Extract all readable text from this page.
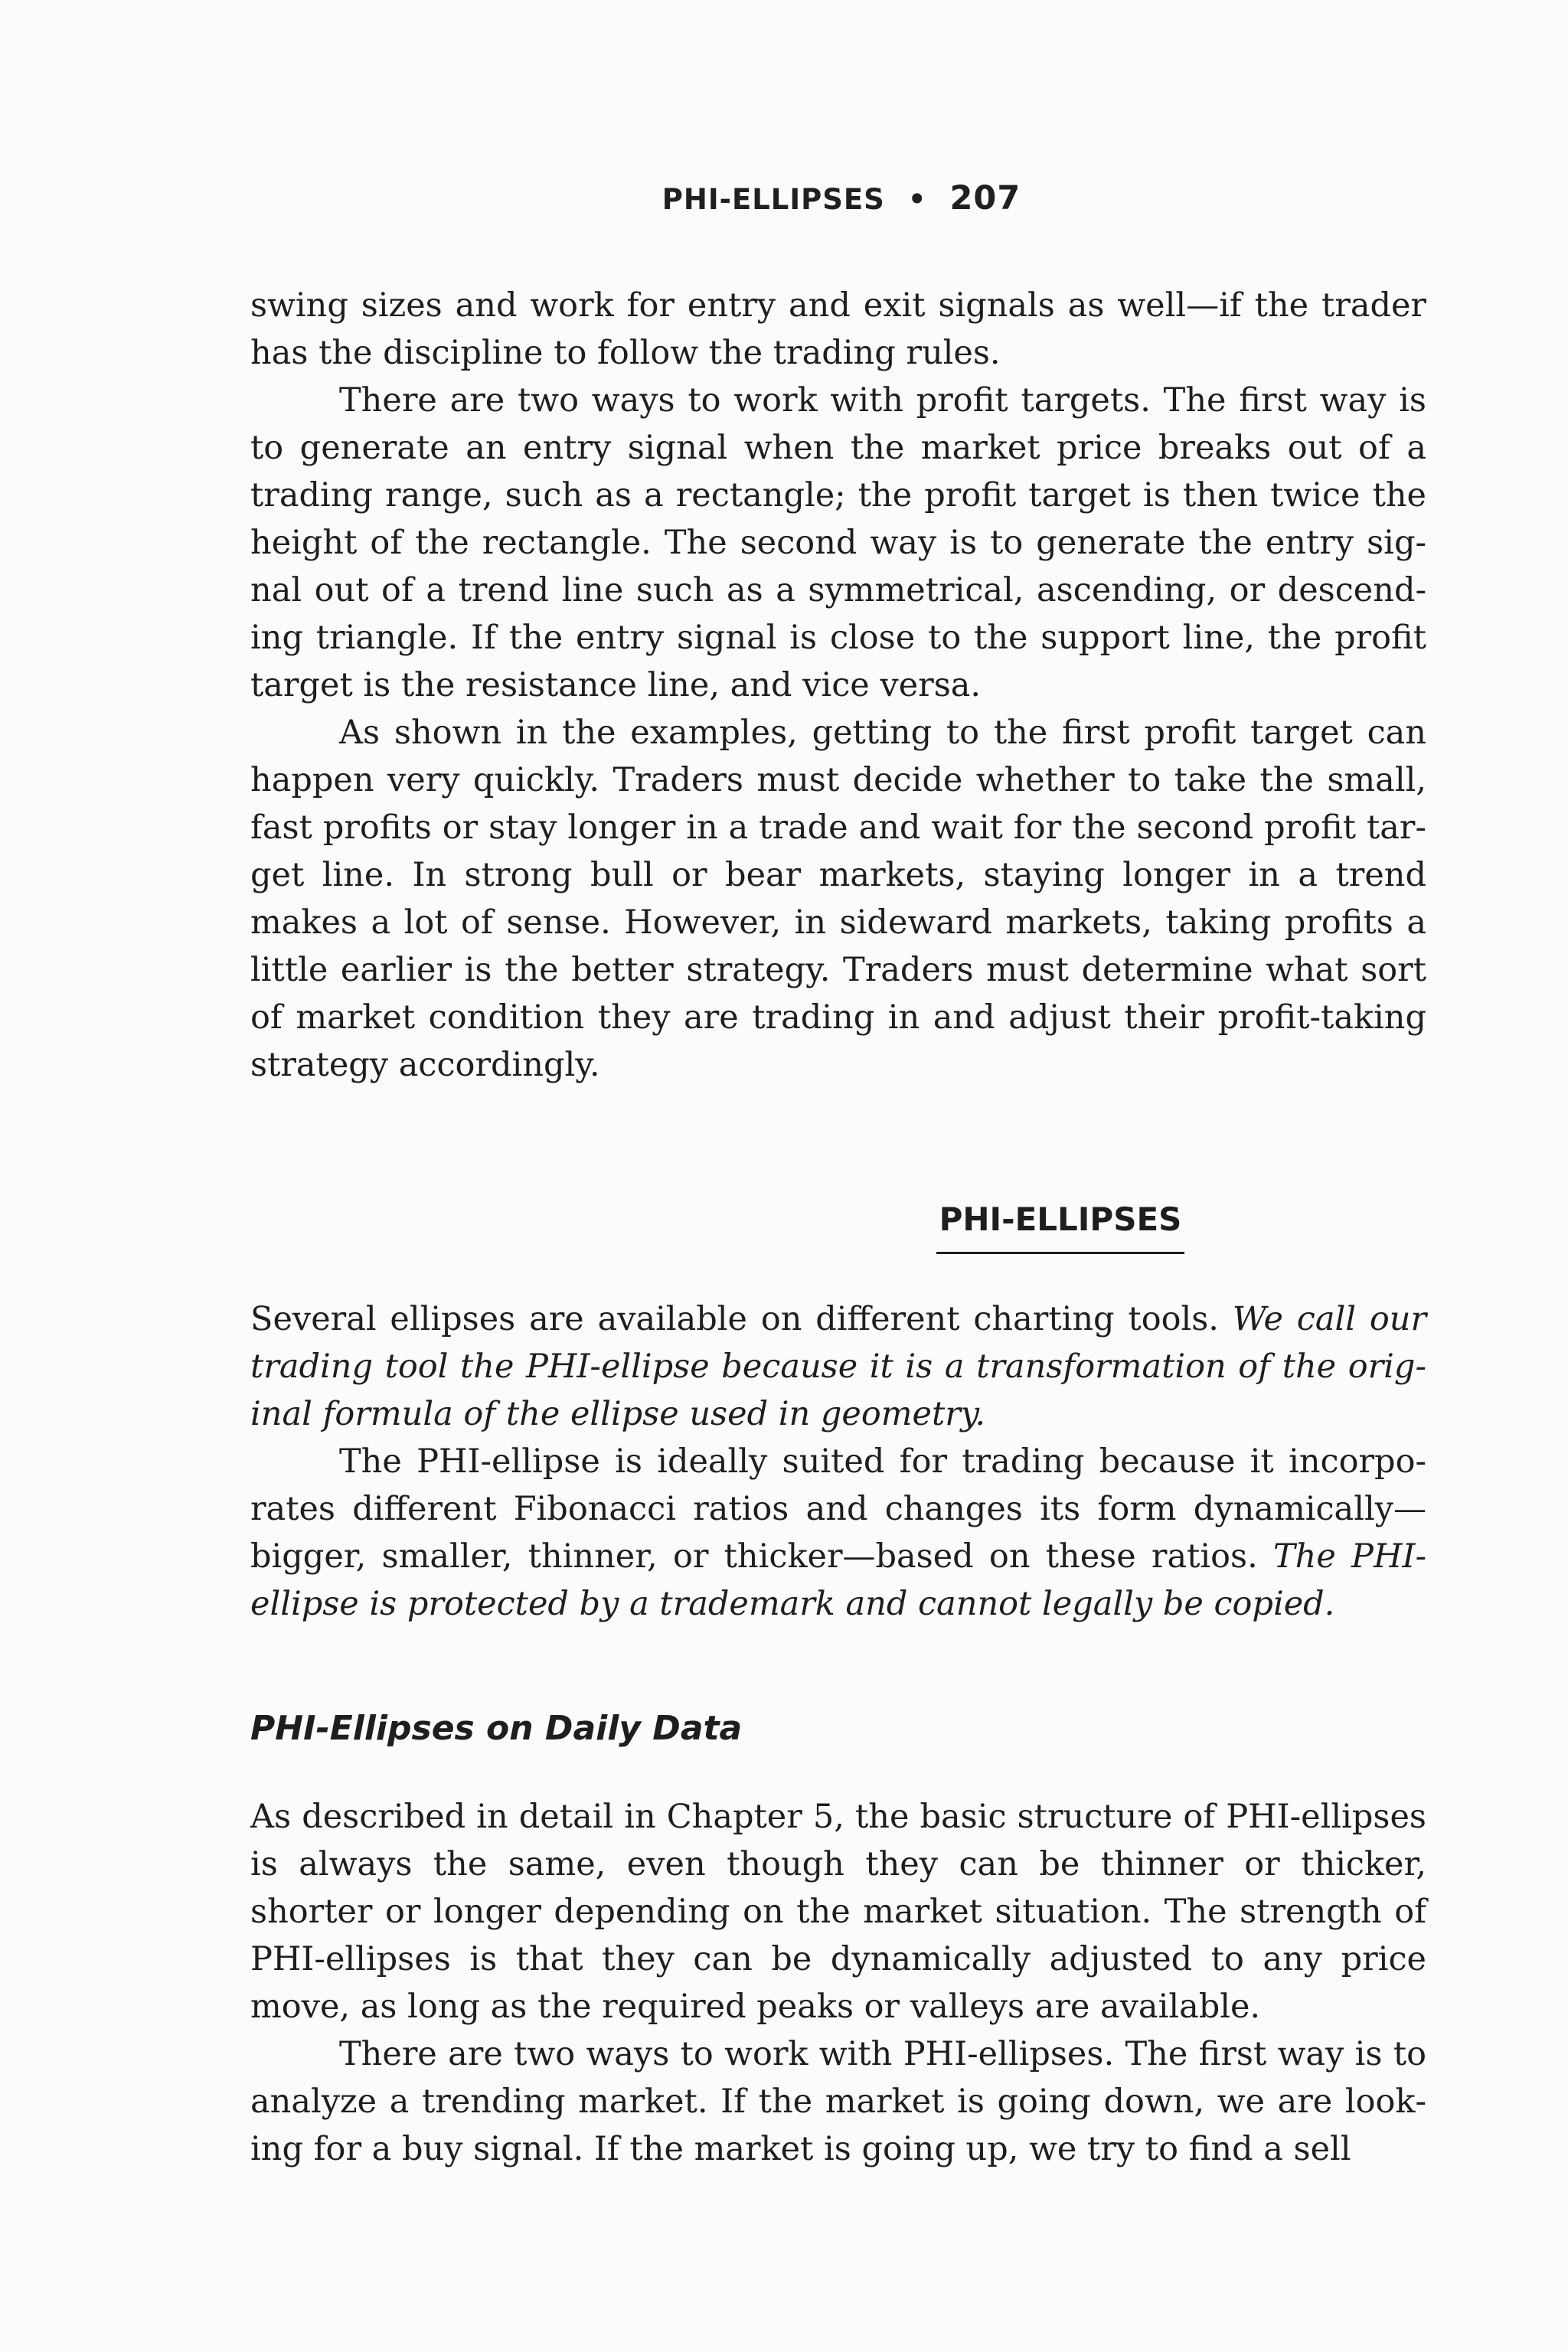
PHI-ELLIPSES • 207

swing sizes and work for entry and exit signals as well—if the trader has the discipline to follow the trading rules.

There are two ways to work with profit targets. The first way is to generate an entry signal when the market price breaks out of a trading range, such as a rectangle; the profit target is then twice the height of the rectangle. The second way is to generate the entry signal out of a trend line such as a symmetrical, ascending, or descending triangle. If the entry signal is close to the support line, the profit target is the resistance line, and vice versa.

As shown in the examples, getting to the first profit target can happen very quickly. Traders must decide whether to take the small, fast profits or stay longer in a trade and wait for the second profit target line. In strong bull or bear markets, staying longer in a trend makes a lot of sense. However, in sideward markets, taking profits a little earlier is the better strategy. Traders must determine what sort of market condition they are trading in and adjust their profit-taking strategy accordingly.

PHI-ELLIPSES

Several ellipses are available on different charting tools. We call our trading tool the PHI-ellipse because it is a transformation of the original formula of the ellipse used in geometry.

The PHI-ellipse is ideally suited for trading because it incorporates different Fibonacci ratios and changes its form dynamically—bigger, smaller, thinner, or thicker—based on these ratios. The PHI-ellipse is protected by a trademark and cannot legally be copied.

PHI-Ellipses on Daily Data

As described in detail in Chapter 5, the basic structure of PHI-ellipses is always the same, even though they can be thinner or thicker, shorter or longer depending on the market situation. The strength of PHI-ellipses is that they can be dynamically adjusted to any price move, as long as the required peaks or valleys are available.

There are two ways to work with PHI-ellipses. The first way is to analyze a trending market. If the market is going down, we are looking for a buy signal. If the market is going up, we try to find a sell
